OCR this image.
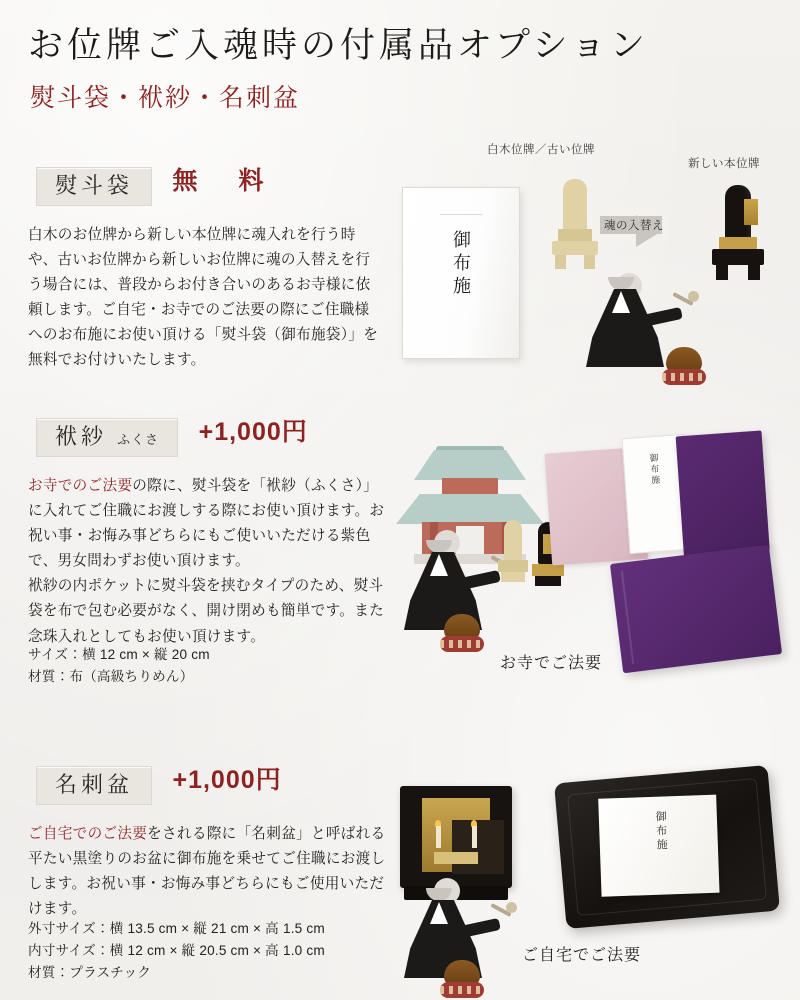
お位牌ご入魂時の付属品オプション
熨斗袋・袱紗・名刺盆
熨斗袋 無　料
白木のお位牌から新しい本位牌に魂入れを行う時や、古いお位牌から新しいお位牌に魂の入替えを行う場合には、普段からお付き合いのあるお寺様に依頼します。ご自宅・お寺でのご法要の際にご住職様へのお布施にお使い頂ける「熨斗袋（御布施袋）」を無料でお付けいたします。
御布施
白木位牌／古い位牌
新しい本位牌
魂の入替え
袱紗 ふくさ +1,000円
お寺でのご法要の際に、熨斗袋を「袱紗（ふくさ）」に入れてご住職にお渡しする際にお使い頂けます。お祝い事・お悔み事どちらにもご使いいただける紫色で、男女問わずお使い頂けます。
袱紗の内ポケットに熨斗袋を挟むタイプのため、熨斗袋を布で包む必要がなく、開け閉めも簡単です。また念珠入れとしてもお使い頂けます。
サイズ：横 12 cm × 縦 20 cm
材質：布（高級ちりめん）
御布施
お寺でご法要
名刺盆 +1,000円
ご自宅でのご法要をされる際に「名刺盆」と呼ばれる平たい黒塗りのお盆に御布施を乗せてご住職にお渡しします。お祝い事・お悔み事どちらにもご使用いただけます。
外寸サイズ：横 13.5 cm × 縦 21 cm × 高 1.5 cm
内寸サイズ：横 12 cm × 縦 20.5 cm × 高 1.0 cm
材質：プラスチック
御布施
ご自宅でご法要
